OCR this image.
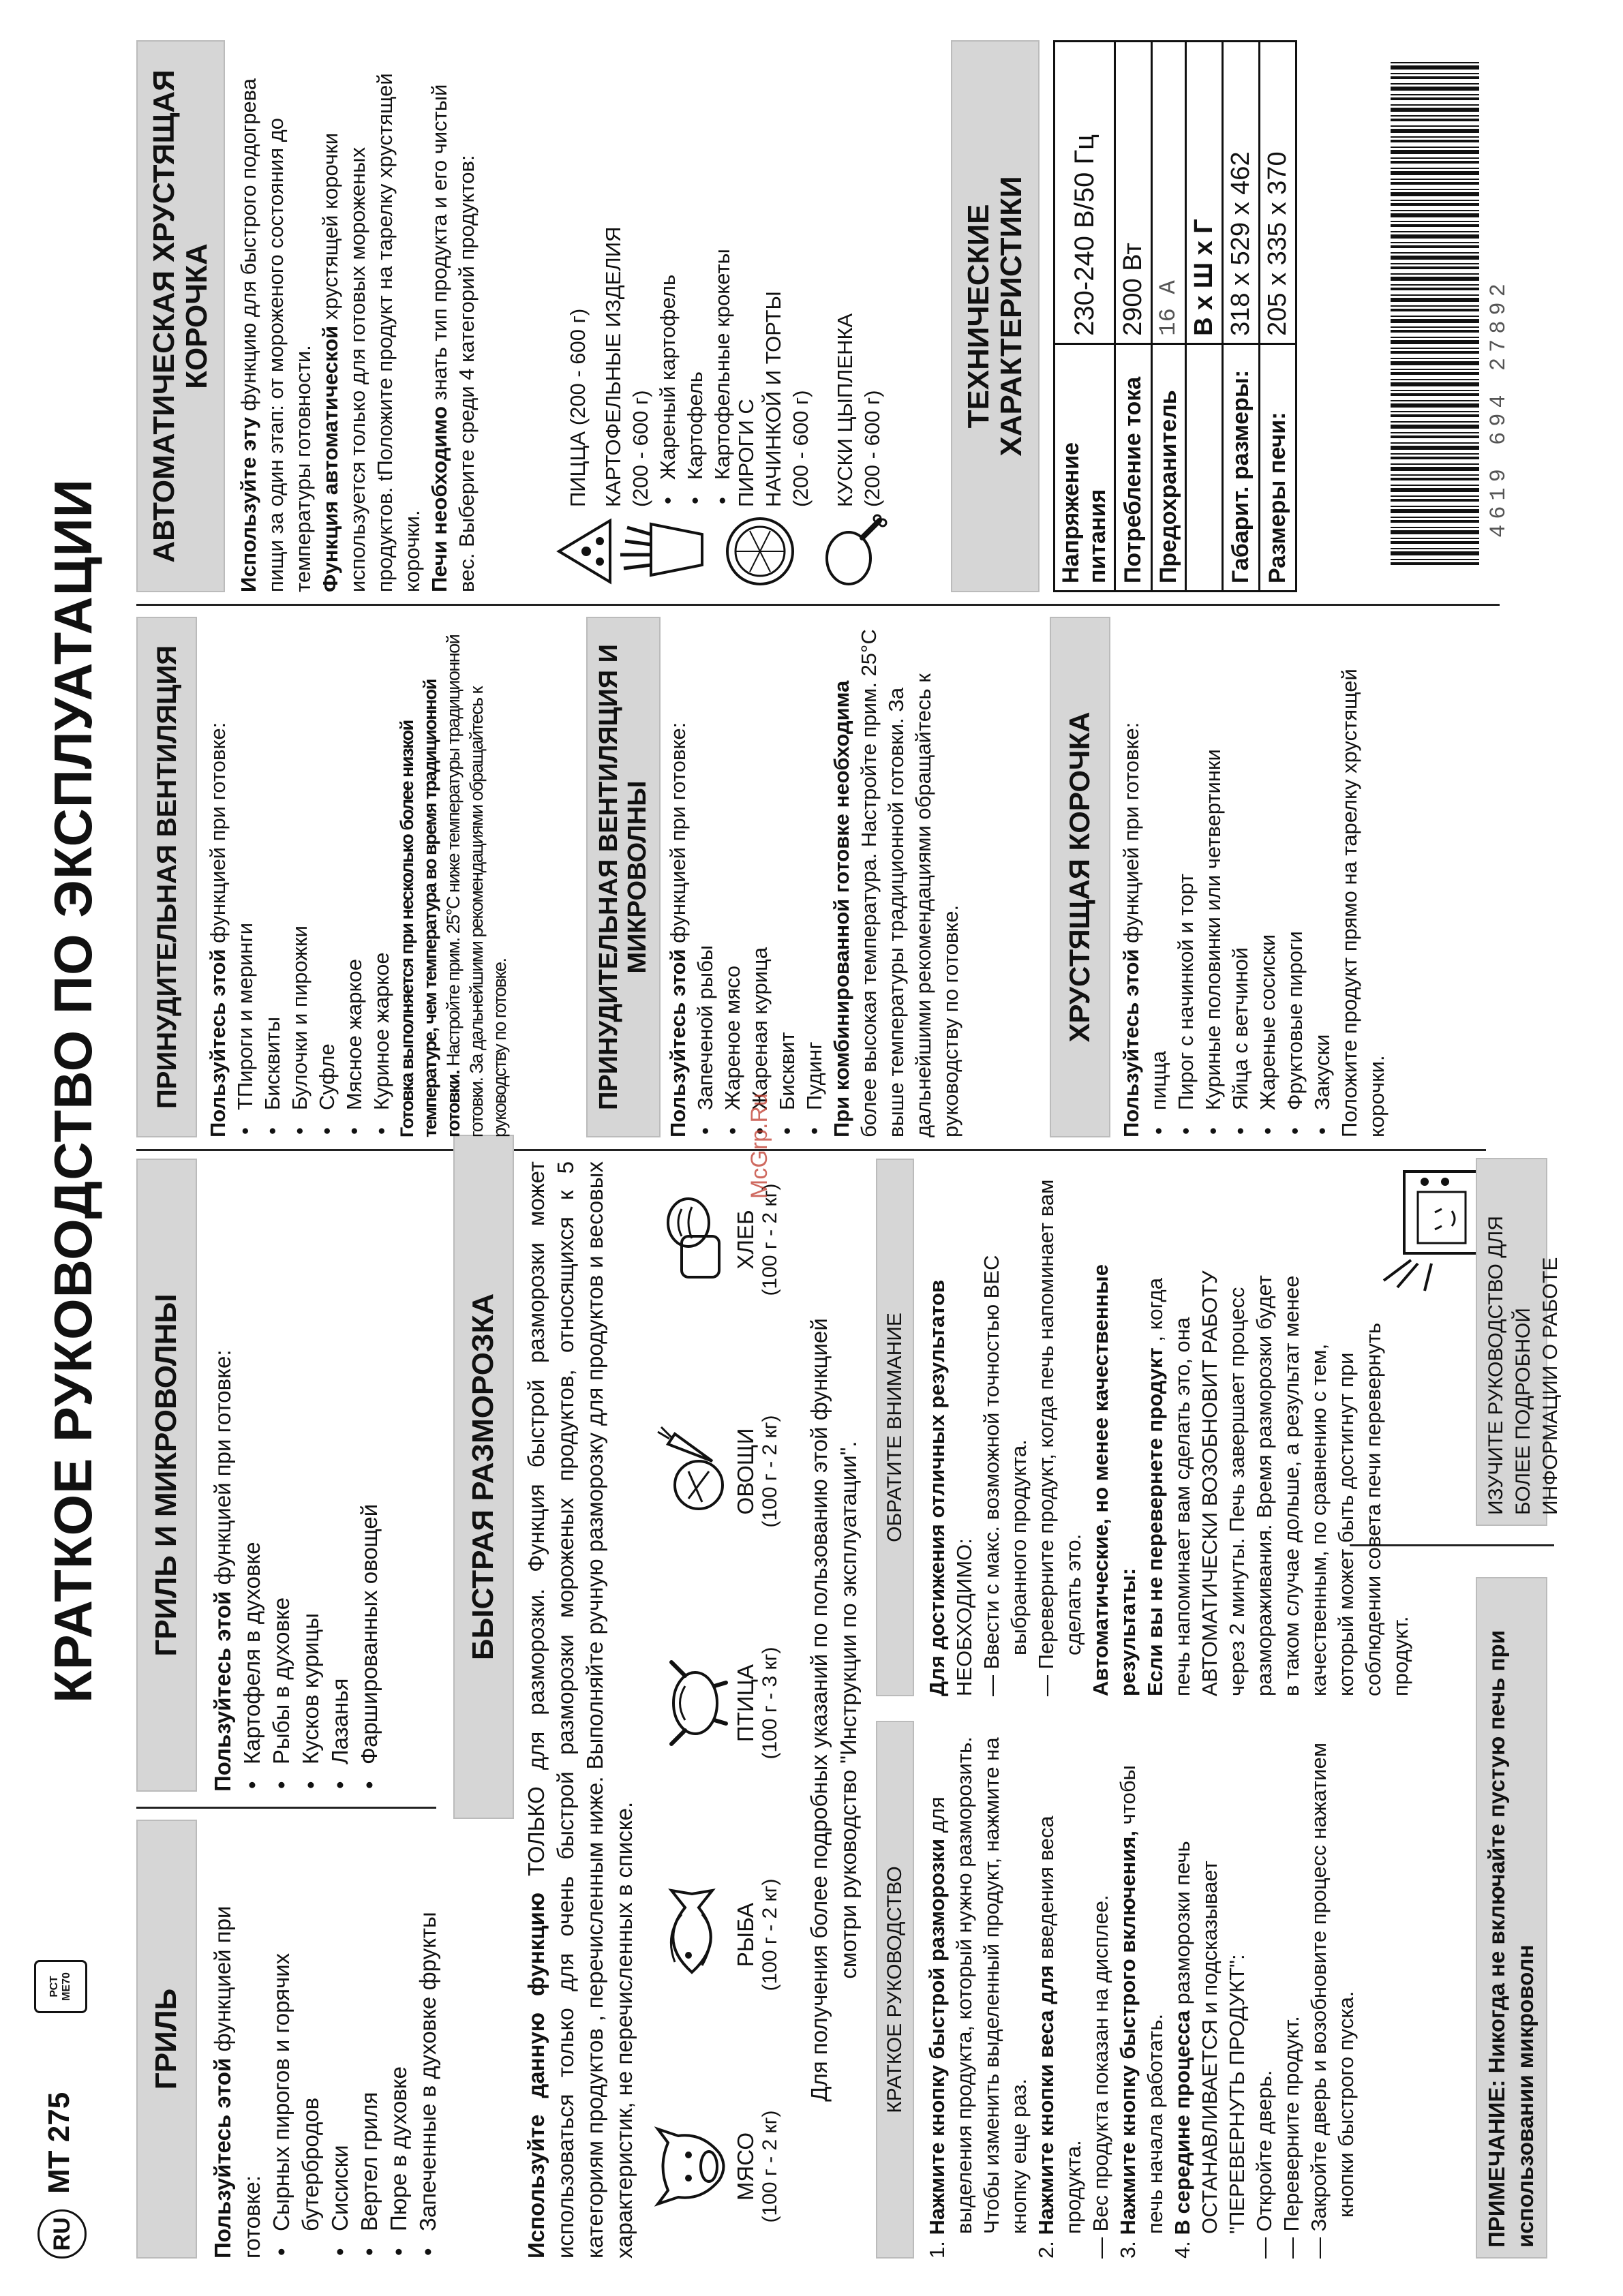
RU
MT 275
РСТ МЕ70
КРАТКОЕ РУКОВОДСТВО ПО ЭКСПЛУАТАЦИИ
ГРИЛЬ
Пользуйтесь этой функцией при готовке: • Сырных пирогов и горячих бутербродов • Сисиски • Вертел гриля • Пюре в духовке • Запеченные в духовке фрукты
ГРИЛЬ И МИКРОВОЛНЫ
Пользуйтесь этой функцией при готовке:
• Картофеля в духовке • Рыбы в духовке • Кусков курицы • Лазанья • Фаршированных овощей	БЫСТРАЯ РАЗМОРОЗКА
Используйте данную функцию ТОЛЬКО для разморозки. Функция быстрой разморозки может использоваться только для очень быстрой разморозки мороженых продуктов, относящихся к 5 категориям продуктов , перечисленным ниже. Выполняйте ручную разморозку для продуктов и весовых характеристик, не перечисленных в списке.	МЯСО (100 г - 2 кг)
РЫБА (100 г - 2 кг)
ПТИЦА (100 г - 3 кг)
ОВОЩИ (100 г - 2 кг)
ХЛЕБ (100 г - 2 кг)
Для получения более подробных указаний по пользованию этой функцией смотри руководство "Инструкции по эксплуатации".
КРАТКОЕ РУКОВОДСТВО
1. Нажмите кнопку быстрой разморозки для выделения продукта, который нужно разморозить. Чтобы изменить выделенный продукт, нажмите на кнопку еще раз.
2. Нажмите кнопки веса для введения веса продукта.
— Вес продукта показан на дисплее.
3. Нажмите кнопку быстрого включения, чтобы печь начала работать.
4. В середине процесса разморозки печь ОСТАНАВЛИВАЕТСЯ и подсказывает "ПЕРЕВЕРНУТЬ ПРОДУКТ":
— Откройте дверь.
— Переверните продукт.
— Закройте дверь и возобновите процесс нажатием кнопки быстрого пуска.
ОБРАТИТЕ ВНИМАНИЕ Для достижения отличных результатов НЕОБХОДИМО: — Ввести с макс. возможной точностью ВЕС выбранного продукта.
— Переверните продукт, когда печь напоминает вам сделать это. Автоматические, но менее качественные результаты: Если вы не перевернете продукт , когда печь напоминает вам сделать это, она АВТОМАТИЧЕСКИ ВОЗОБНОВИТ РАБОТУ через 2 минуты. Печь завершает процесс размораживания. Время разморозки будет в таком случае дольше, а результат менее качественным, по сравнению с тем, который может быть достигнут при соблюдении совета печи перевернуть продукт.	ПРИМЕЧАНИЕ: Никогда не включайте пустую печь при использовании микроволн
ИЗУЧИТЕ РУКОВОДСТВО ДЛЯ БОЛЕЕ ПОДРОБНОЙ ИНФОРМАЦИИ О РАБОТЕ
ПРИНУДИТЕЛЬНАЯ ВЕНТИЛЯЦИЯ	Пользуйтесь этой функцией при готовке:
• ТПироги и меринги • Бисквиты • Булочки и пирожки • Суфле • Мясное жаркое • Куриное жаркое Готовка выполняется при несколько более низкой температуре, чем температура во время традиционной готовки. Настройте прим. 25°C ниже температуры традиционной готовки. За дальнейшими рекомендациями обращайтесь к руководству по готовке.	ПРИНУДИТЕЛЬНАЯ ВЕНТИЛЯЦИЯ И МИКРОВОЛНЫ
Пользуйтесь этой функцией при готовке:
• Запеченой рыбы • Жареное мясо • Жареная курица • Бисквит • Пудинг При комбинированной готовке необходима более высокая температура. Настройте прим. 25°C выше температуры традиционной готовки. За дальнейшими рекомендациями обращайтесь к руководству по готовке.	ХРУСТЯЩАЯ КОРОЧКА
Пользуйтесь этой функцией при готовке:
• пицца • Пирог с начинкой и торт • Куриные половинки или четвертинки • Яйца с ветчиной • Жареные сосиски • Фруктовые пироги • Закуски Положите продукт прямо на тарелку хрустящей корочки.
АВТОМАТИЧЕСКАЯ ХРУСТЯЩАЯ КОРОЧКА
Используйте эту функцию для быстрого подогрева пищи за один этап: от мороженого состояния до температуры готовности. Функция автоматической хрустящей корочки используется только для готовых мороженых продуктов. tПоложите продукт на тарелку хрустящей корочки. Печи необходимо знать тип продукта и его чистый вес. Выберите среди 4 категорий продуктов:	ПИЦЦА (200 - 600 г) КАРТОФЕЛЬНЫЕ ИЗДЕЛИЯ (200 - 600 г) • Жареный картофель • Картофель • Картофельные крокеты ПИРОГИ С НАЧИНКОЙ И ТОРТЫ (200 - 600 г) КУСКИ ЦЫПЛЕНКА (200 - 600 г)
ТЕХНИЧЕСКИЕ ХАРАКТЕРИСТИКИ
Напряжение питания	230-240 В/50 Гц
Потребление тока	2900 Вт
Предохранитель	16 A
	В х Ш х Г
Габарит. размеры:	318 x 529 x 462
Размеры печи:	205 x 335 x 370
4619 694 27892
McGrp.Ru
